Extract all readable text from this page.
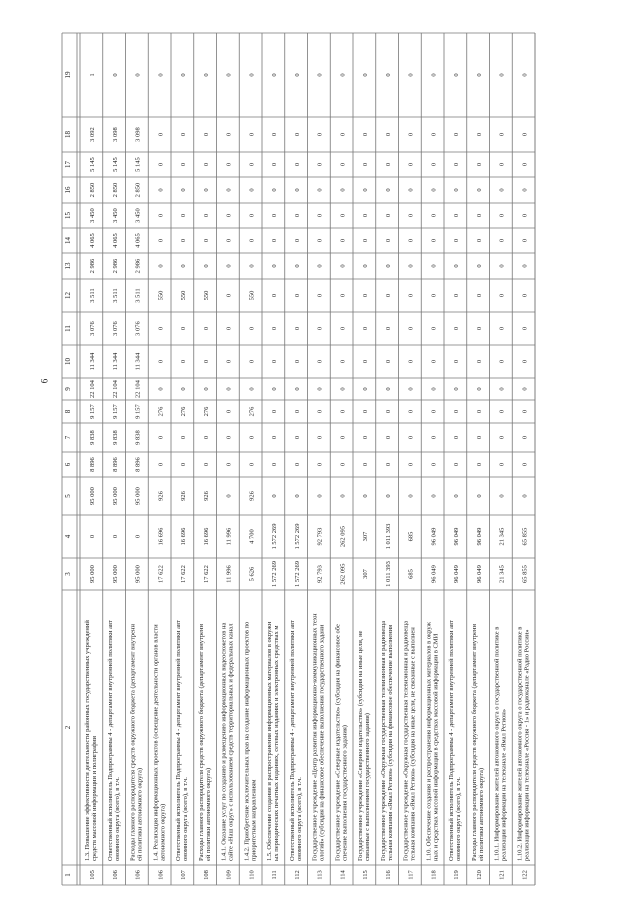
6
1
2
3
4
5
6
7
8
9
10
11
12
13
14
15
16
17
18
19
105
1.3. Повышение эффективности деятельности районных государственных учреждений средств массовой информации и полиграфии
95 000
0
95 000
8 896
9 838
9 157
22 104
11 344
3 076
3 511
2 986
4 065
3 450
2 850
5 145
3 092
1
106
Ответственный исполнитель Подпрограммы 4 - департамент внутренней политики авт ономного округа (всего), в т.ч.
95 000
0
95 000
8 896
9 838
9 157
22 104
11 344
3 076
3 511
2 986
4 065
3 450
2 850
5 145
3 098
0
106
Расходы главного распорядителя средств окружного бюджета (департамент внутренн ей политики автономного округа)
95 000
0
95 000
8 896
9 838
9 157
22 104
11 344
3 076
3 511
2 986
4 065
3 450
2 850
5 145
3 098
0
106
1.4. Реализация информационных проектов (освещение деятельности органов власти автономного округа)
17 622
16 696
926
0
0
276
0
0
0
550
0
0
0
0
0
0
0
107
Ответственный исполнитель Подпрограммы 4 - департамент внутренней политики авт ономного округа (всего), в т.ч.
17 622
16 696
926
0
0
276
0
0
0
550
0
0
0
0
0
0
0
108
Расходы главного распорядителя средств окружного бюджета (департамент внутренн ей политики автономного округа)
17 622
16 696
926
0
0
276
0
0
0
550
0
0
0
0
0
0
0
109
1.4.1. Оказание услуг по созданию и размещению информационных видеосюжетов на сайте «Наш округ» с использованием средств территориальных и федеральных канал
11 996
11 996
0
0
0
0
0
0
0
0
0
0
0
0
0
0
0
110
1.4.2. Приобретение исключительных прав на создание информационных проектов по приоритетным направлениям
5 626
4 700
926
0
0
276
0
0
0
550
0
0
0
0
0
0
0
111
1.5. Обеспечение создания и распространения информационных материалов в окружн ых периодических печатных изданиях, сетевых изданиях и электронных средствах м
1 572 269
1 572 269
0
0
0
0
0
0
0
0
0
0
0
0
0
0
0
112
Ответственный исполнитель Подпрограммы 4 - департамент внутренней политики авт ономного округа (всего), в т.ч.
1 572 269
1 572 269
0
0
0
0
0
0
0
0
0
0
0
0
0
0
0
113
Государственное учреждение «Центр развития информационно-коммуникационных техн ологий» (субсидия на финансовое обеспечение выполнения государственного задани
92 793
92 793
0
0
0
0
0
0
0
0
0
0
0
0
0
0
0
114
Государственное учреждение «Северные издательство» (субсидия на финансовое обе спечение выполнения государственного задания)
262 095
262 095
0
0
0
0
0
0
0
0
0
0
0
0
0
0
0
115
Государственное учреждение «Северное издательство» (субсидия на иные цели, не связанные с выполнением государственного задания)
307
307
0
0
0
0
0
0
0
0
0
0
0
0
0
0
0
116
Государственное учреждение «Окружная государственная телевизионная и радиовеща тельная компания «Ямал Регион» (субсидия на финансовое обеспечение выполнения
1 011 393
1 011 393
0
0
0
0
0
0
0
0
0
0
0
0
0
0
0
117
Государственное учреждение «Окружная государственная телевизионная и радиовеща тельная компания «Ямал Регион» (субсидия на иные цели, не связанные с выполнен
685
685
0
0
0
0
0
0
0
0
0
0
0
0
0
0
0
118
1.10. Обеспечение создания и распространения информационных материалов в окруж ных и средствах массовой информации в средствах массовой информации в СМИ
96 049
96 049
0
0
0
0
0
0
0
0
0
0
0
0
0
0
0
119
Ответственный исполнитель Подпрограммы 4 - департамент внутренней политики авт ономного округа (всего), в т.ч.
96 049
96 049
0
0
0
0
0
0
0
0
0
0
0
0
0
0
0
120
Расходы главного распорядителя средств окружного бюджета (департамент внутренн ей политики автономного округа)
96 049
96 049
0
0
0
0
0
0
0
0
0
0
0
0
0
0
0
121
1.10.1. Информирование жителей автономного округа о государственной политике в реализации информации на телеканале «Ямал Регион»
21 345
21 345
0
0
0
0
0
0
0
0
0
0
0
0
0
0
0
122
1.10.2. Информирование жителей автономного округа о государственной политике в реализации информации на телеканале «Россия - 1» и радиоканале «Радио России»
65 855
65 855
0
0
0
0
0
0
0
0
0
0
0
0
0
0
0
